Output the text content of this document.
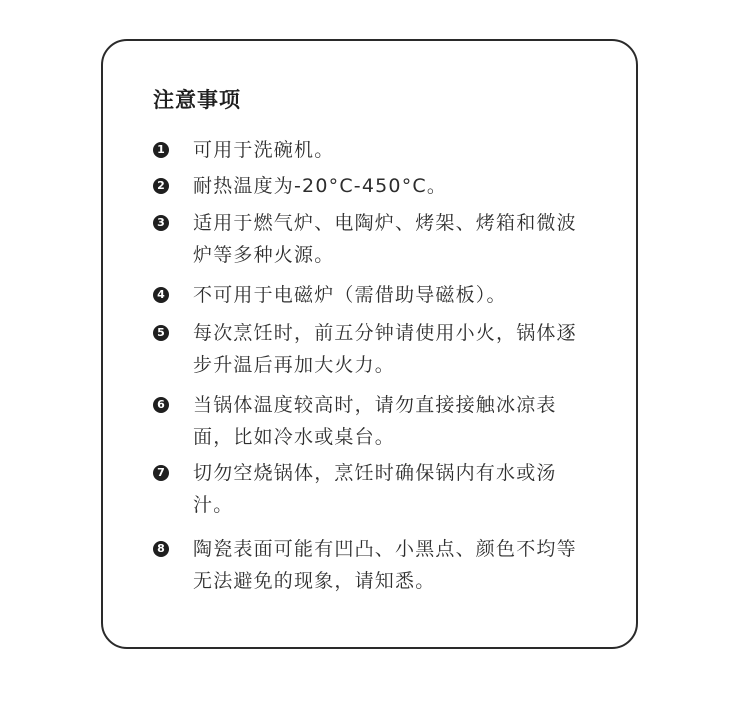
注意事项
1 可用于洗碗机。
2 耐热温度为-20°C-450°C。
3 适用于燃气炉、电陶炉、烤架、烤箱和微波炉等多种火源。
4 不可用于电磁炉（需借助导磁板）。
5 每次烹饪时，前五分钟请使用小火，锅体逐步升温后再加大火力。
6 当锅体温度较高时，请勿直接接触冰凉表面，比如冷水或桌台。
7 切勿空烧锅体，烹饪时确保锅内有水或汤汁。
8 陶瓷表面可能有凹凸、小黑点、颜色不均等无法避免的现象，请知悉。
